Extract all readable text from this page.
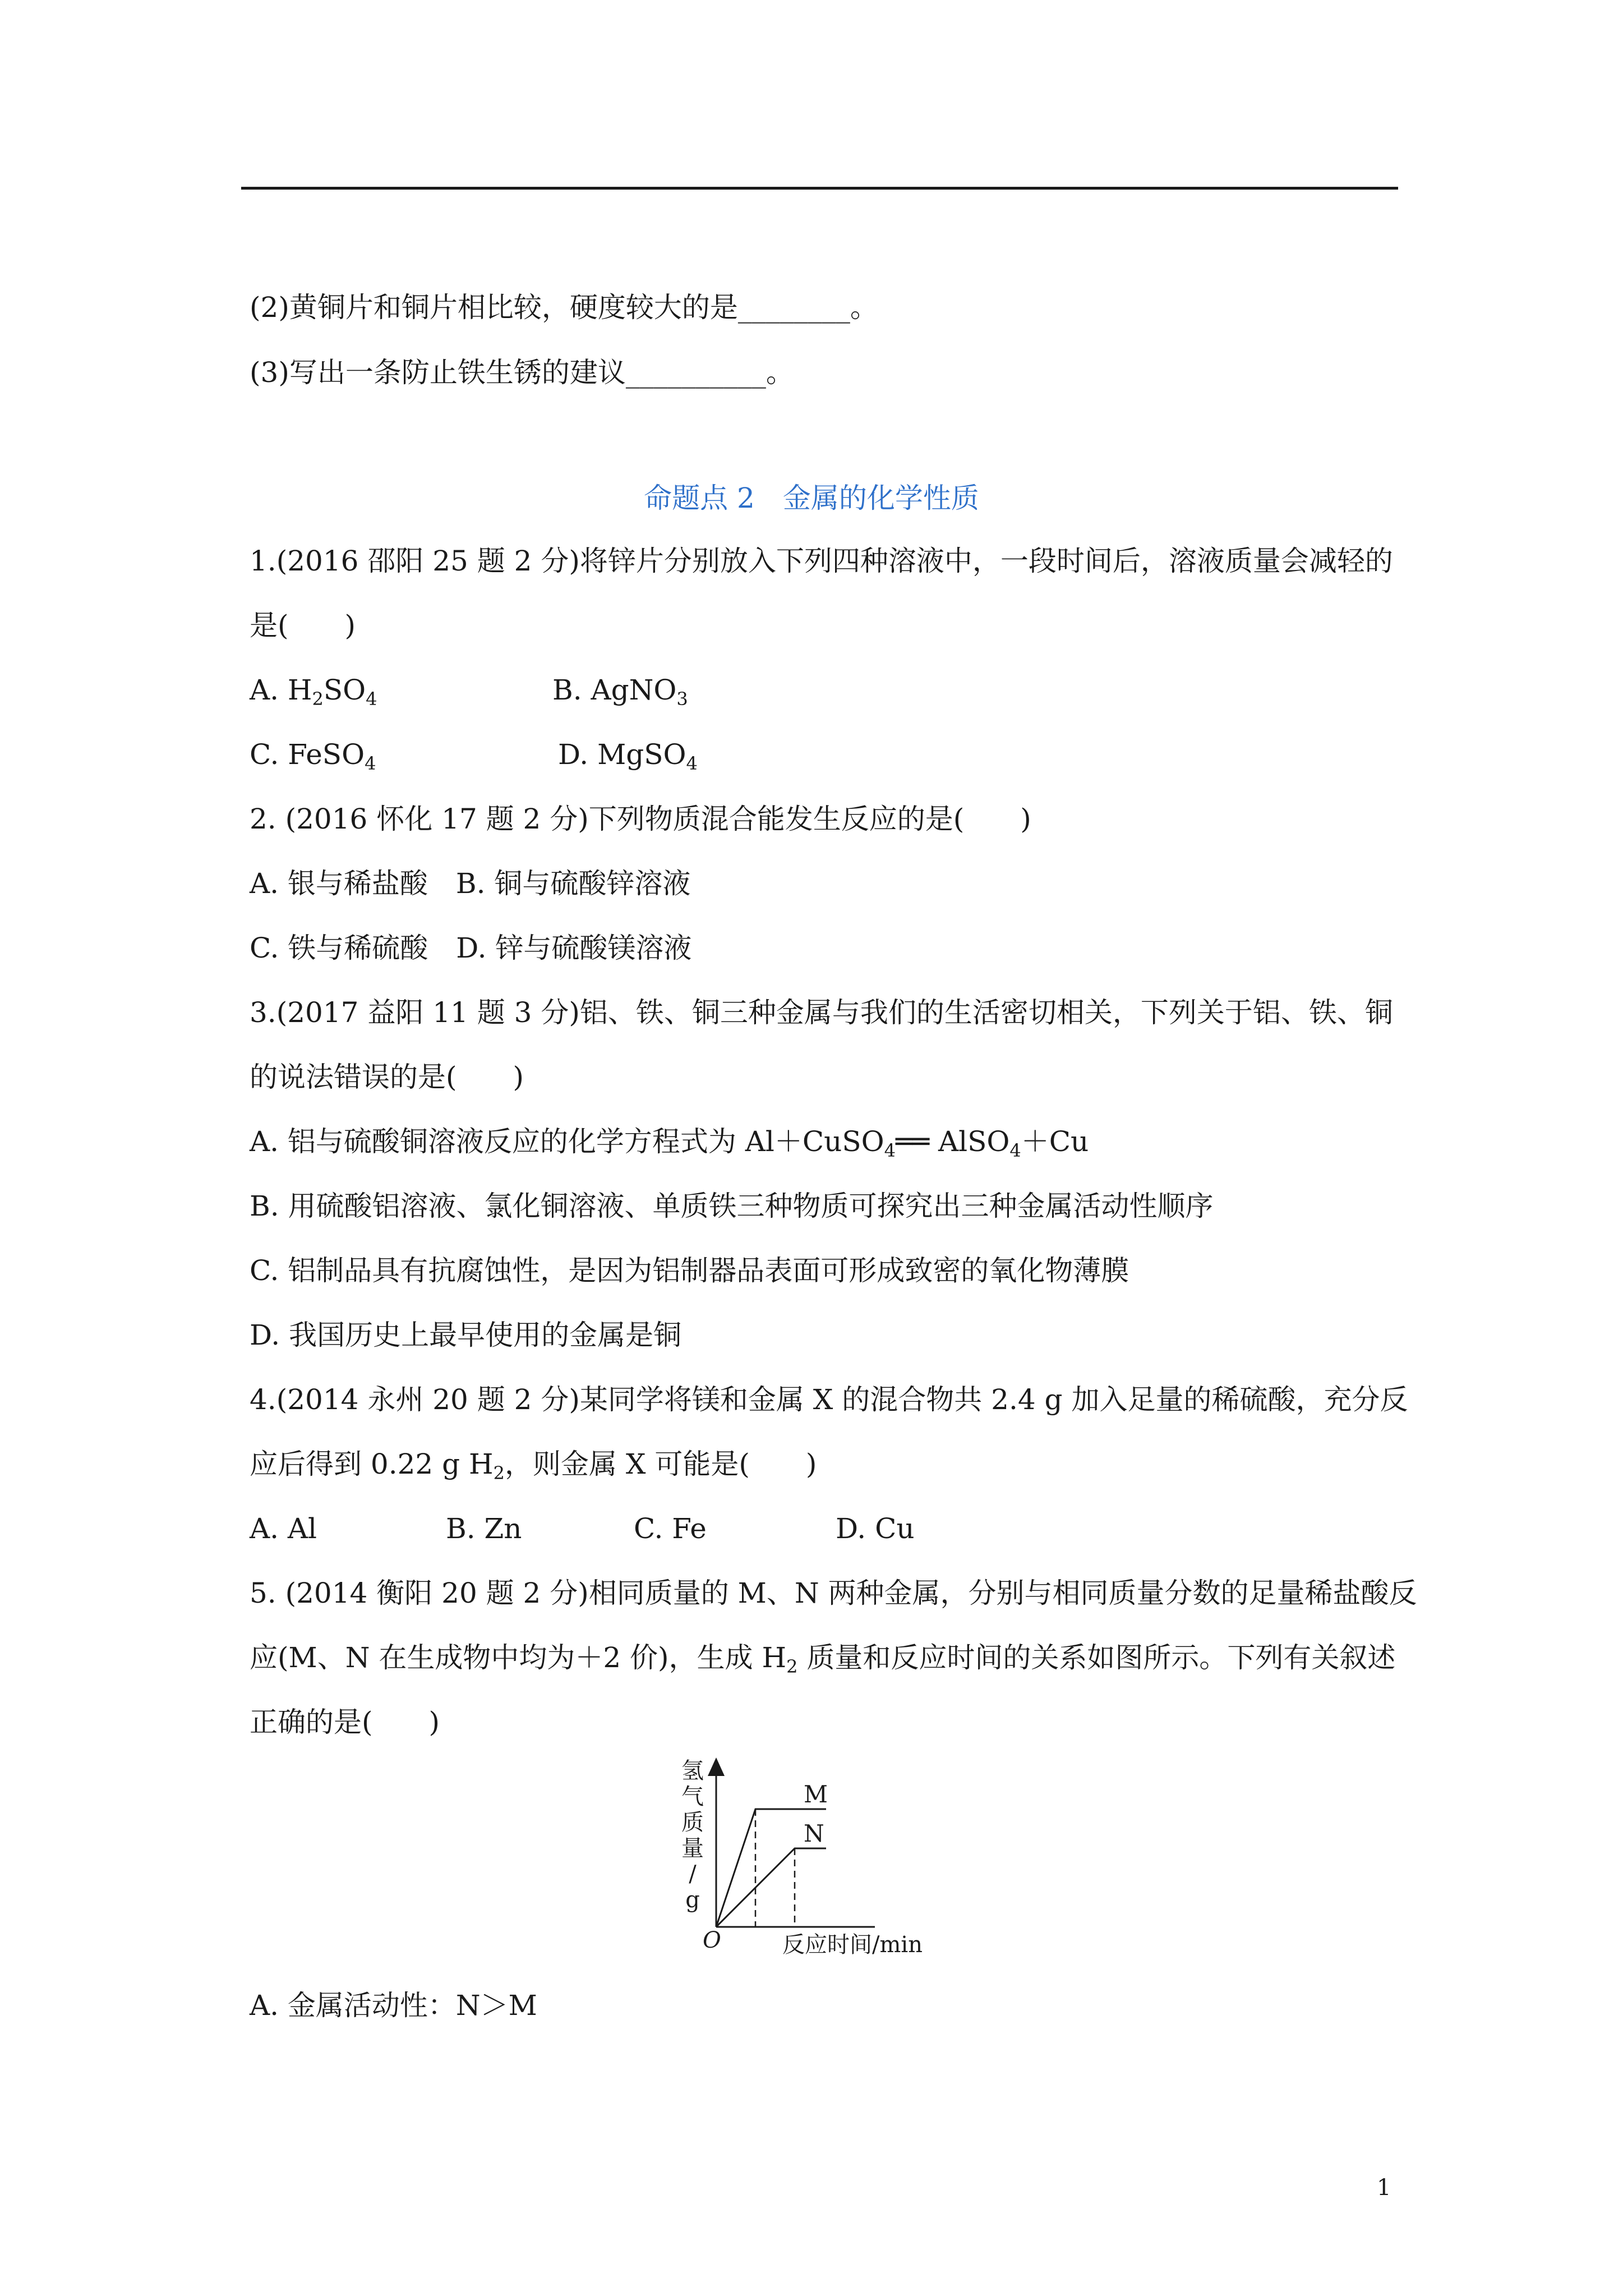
(2)黄铜片和铜片相比较，硬度较大的是________。
(3)写出一条防止铁生锈的建议__________。
命题点 2　金属的化学性质
1.(2016 邵阳 25 题 2 分)将锌片分别放入下列四种溶液中，一段时间后，溶液质量会减轻的
是(　　)
A. $H_2SO_4$	B. AgNO$_3$
C. FeSO$_4$	D. MgSO$_4$
2. (2016 怀化 17 题 2 分)下列物质混合能发生反应的是(　　)
A. 银与稀盐酸　B. 铜与硫酸锌溶液
C. 铁与稀硫酸　D. 锌与硫酸镁溶液
3.(2017 益阳 11 题 3 分)铝、铁、铜三种金属与我们的生活密切相关，下列关于铝、铁、铜
的说法错误的是(　　)
A. 铝与硫酸铜溶液反应的化学方程式为 Al＋CuSO$_4$══ AlSO$_4$＋Cu
B. 用硫酸铝溶液、氯化铜溶液、单质铁三种物质可探究出三种金属活动性顺序
C. 铝制品具有抗腐蚀性，是因为铝制器品表面可形成致密的氧化物薄膜
D. 我国历史上最早使用的金属是铜
4.(2014 永州 20 题 2 分)某同学将镁和金属 X 的混合物共 2.4 g 加入足量的稀硫酸，充分反
应后得到 0.22 g $H_2$，则金属 X 可能是(　　)
A. Al	B. Zn	C. Fe	D. Cu
5. (2014 衡阳 20 题 2 分)相同质量的 M、N 两种金属，分别与相同质量分数的足量稀盐酸反
应(M、N 在生成物中均为＋2 价)，生成 $H_2$ 质量和反应时间的关系如图所示。下列有关叙述
正确的是(　　)
氢
气
质
量
/
g
O	反应时间/min
M
N
A. 金属活动性：N＞M
1
